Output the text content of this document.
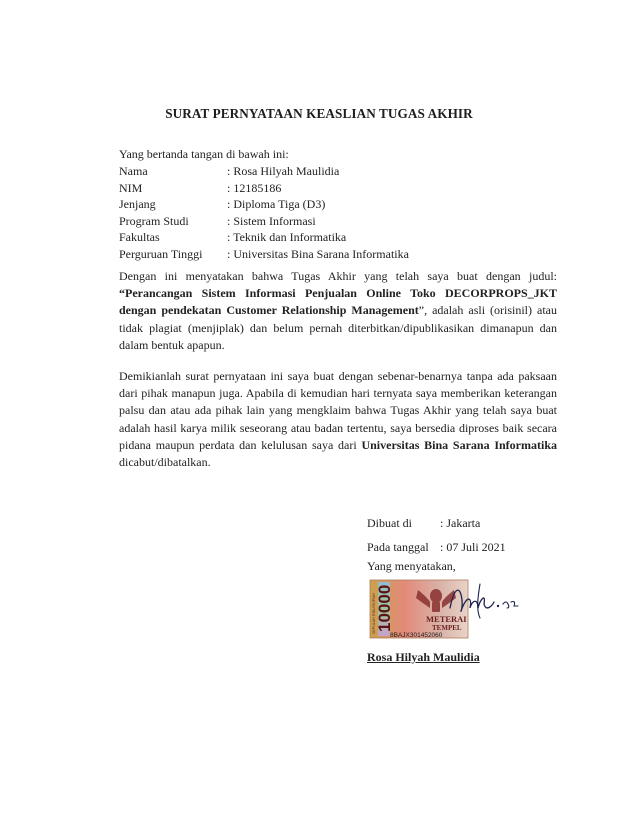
SURAT PERNYATAAN KEASLIAN TUGAS AKHIR
Yang bertanda tangan di bawah ini:
Nama	: Rosa Hilyah Maulidia
NIM	: 12185186
Jenjang	: Diploma Tiga (D3)
Program Studi	: Sistem Informasi
Fakultas	: Teknik dan Informatika
Perguruan Tinggi : Universitas Bina Sarana Informatika
Dengan ini menyatakan bahwa Tugas Akhir yang telah saya buat dengan judul: “Perancangan Sistem Informasi Penjualan Online Toko DECORPROPS_JKT dengan pendekatan Customer Relationship Management”, adalah asli (orisinil) atau tidak plagiat (menjiplak) dan belum pernah diterbitkan/dipublikasikan dimanapun dan dalam bentuk apapun.
Demikianlah surat pernyataan ini saya buat dengan sebenar-benarnya tanpa ada paksaan dari pihak manapun juga. Apabila di kemudian hari ternyata saya memberikan keterangan palsu dan atau ada pihak lain yang mengklaim bahwa Tugas Akhir yang telah saya buat adalah hasil karya milik seseorang atau badan tertentu, saya bersedia diproses baik secara pidana maupun perdata dan kelulusan saya dari Universitas Bina Sarana Informatika dicabut/dibatalkan.
Dibuat di : Jakarta
Pada tanggal : 07 Juli 2021
Yang menyatakan,
SEPULUH RIBU RUPIAH 10000	METERAI
TEMPEL
8BAJX301452060
Rosa Hilyah Maulidia
